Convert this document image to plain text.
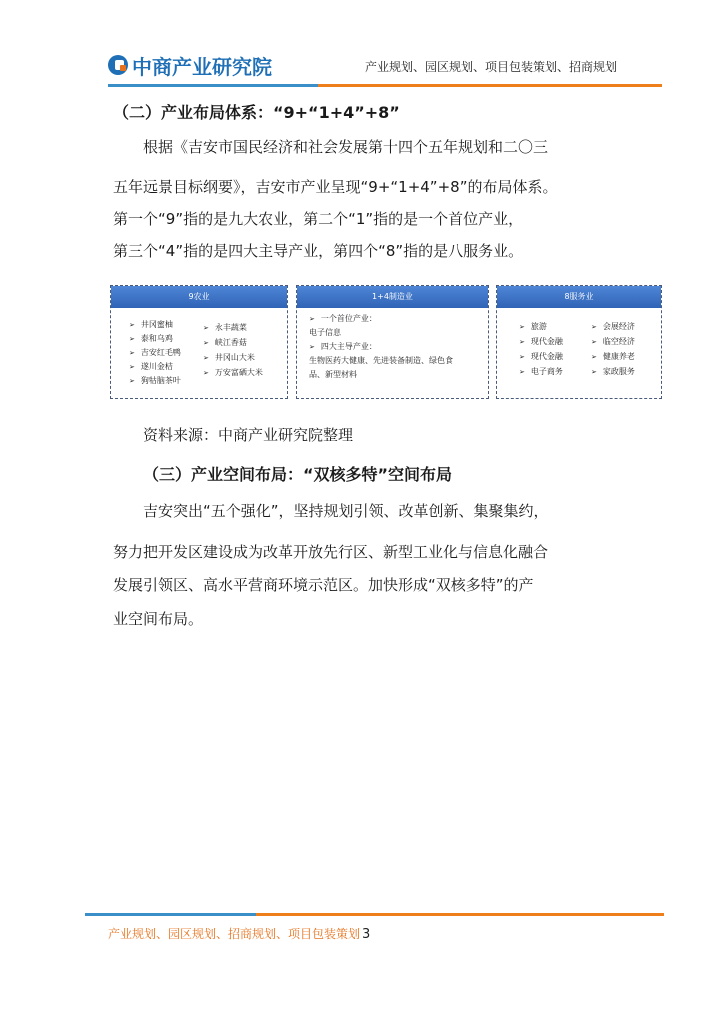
中商产业研究院	产业规划、园区规划、项目包装策划、招商规划
（二）产业布局体系：“9+“1+4”+8”
根据《吉安市国民经济和社会发展第十四个五年规划和二〇三
五年远景目标纲要》，吉安市产业呈现“9+“1+4”+8”的布局体系。
第一个“9”指的是九大农业，第二个“1”指的是一个首位产业，
第三个“4”指的是四大主导产业，第四个“8”指的是八服务业。
9农业
➢ 井冈蜜柚
➢ 泰和乌鸡
➢ 吉安红毛鸭
➢ 遂川金桔
➢ 狗牯脑茶叶
➢ 永丰蔬菜
➢ 峡江香菇
➢ 井冈山大米
➢ 万安富硒大米
1+4制造业
➢ 一个首位产业：
电子信息
➢ 四大主导产业：
生物医药大健康、先进装备制造、绿色食
品、新型材料
8服务业
➢ 旅游
➢ 现代金融
➢ 现代金融
➢ 电子商务
➢ 会展经济
➢ 临空经济
➢ 健康养老
➢ 家政服务
资料来源：中商产业研究院整理
（三）产业空间布局：“双核多特”空间布局
吉安突出“五个强化”，坚持规划引领、改革创新、集聚集约，
努力把开发区建设成为改革开放先行区、新型工业化与信息化融合
发展引领区、高水平营商环境示范区。加快形成“双核多特”的产
业空间布局。
产业规划、园区规划、招商规划、项目包装策划 3
